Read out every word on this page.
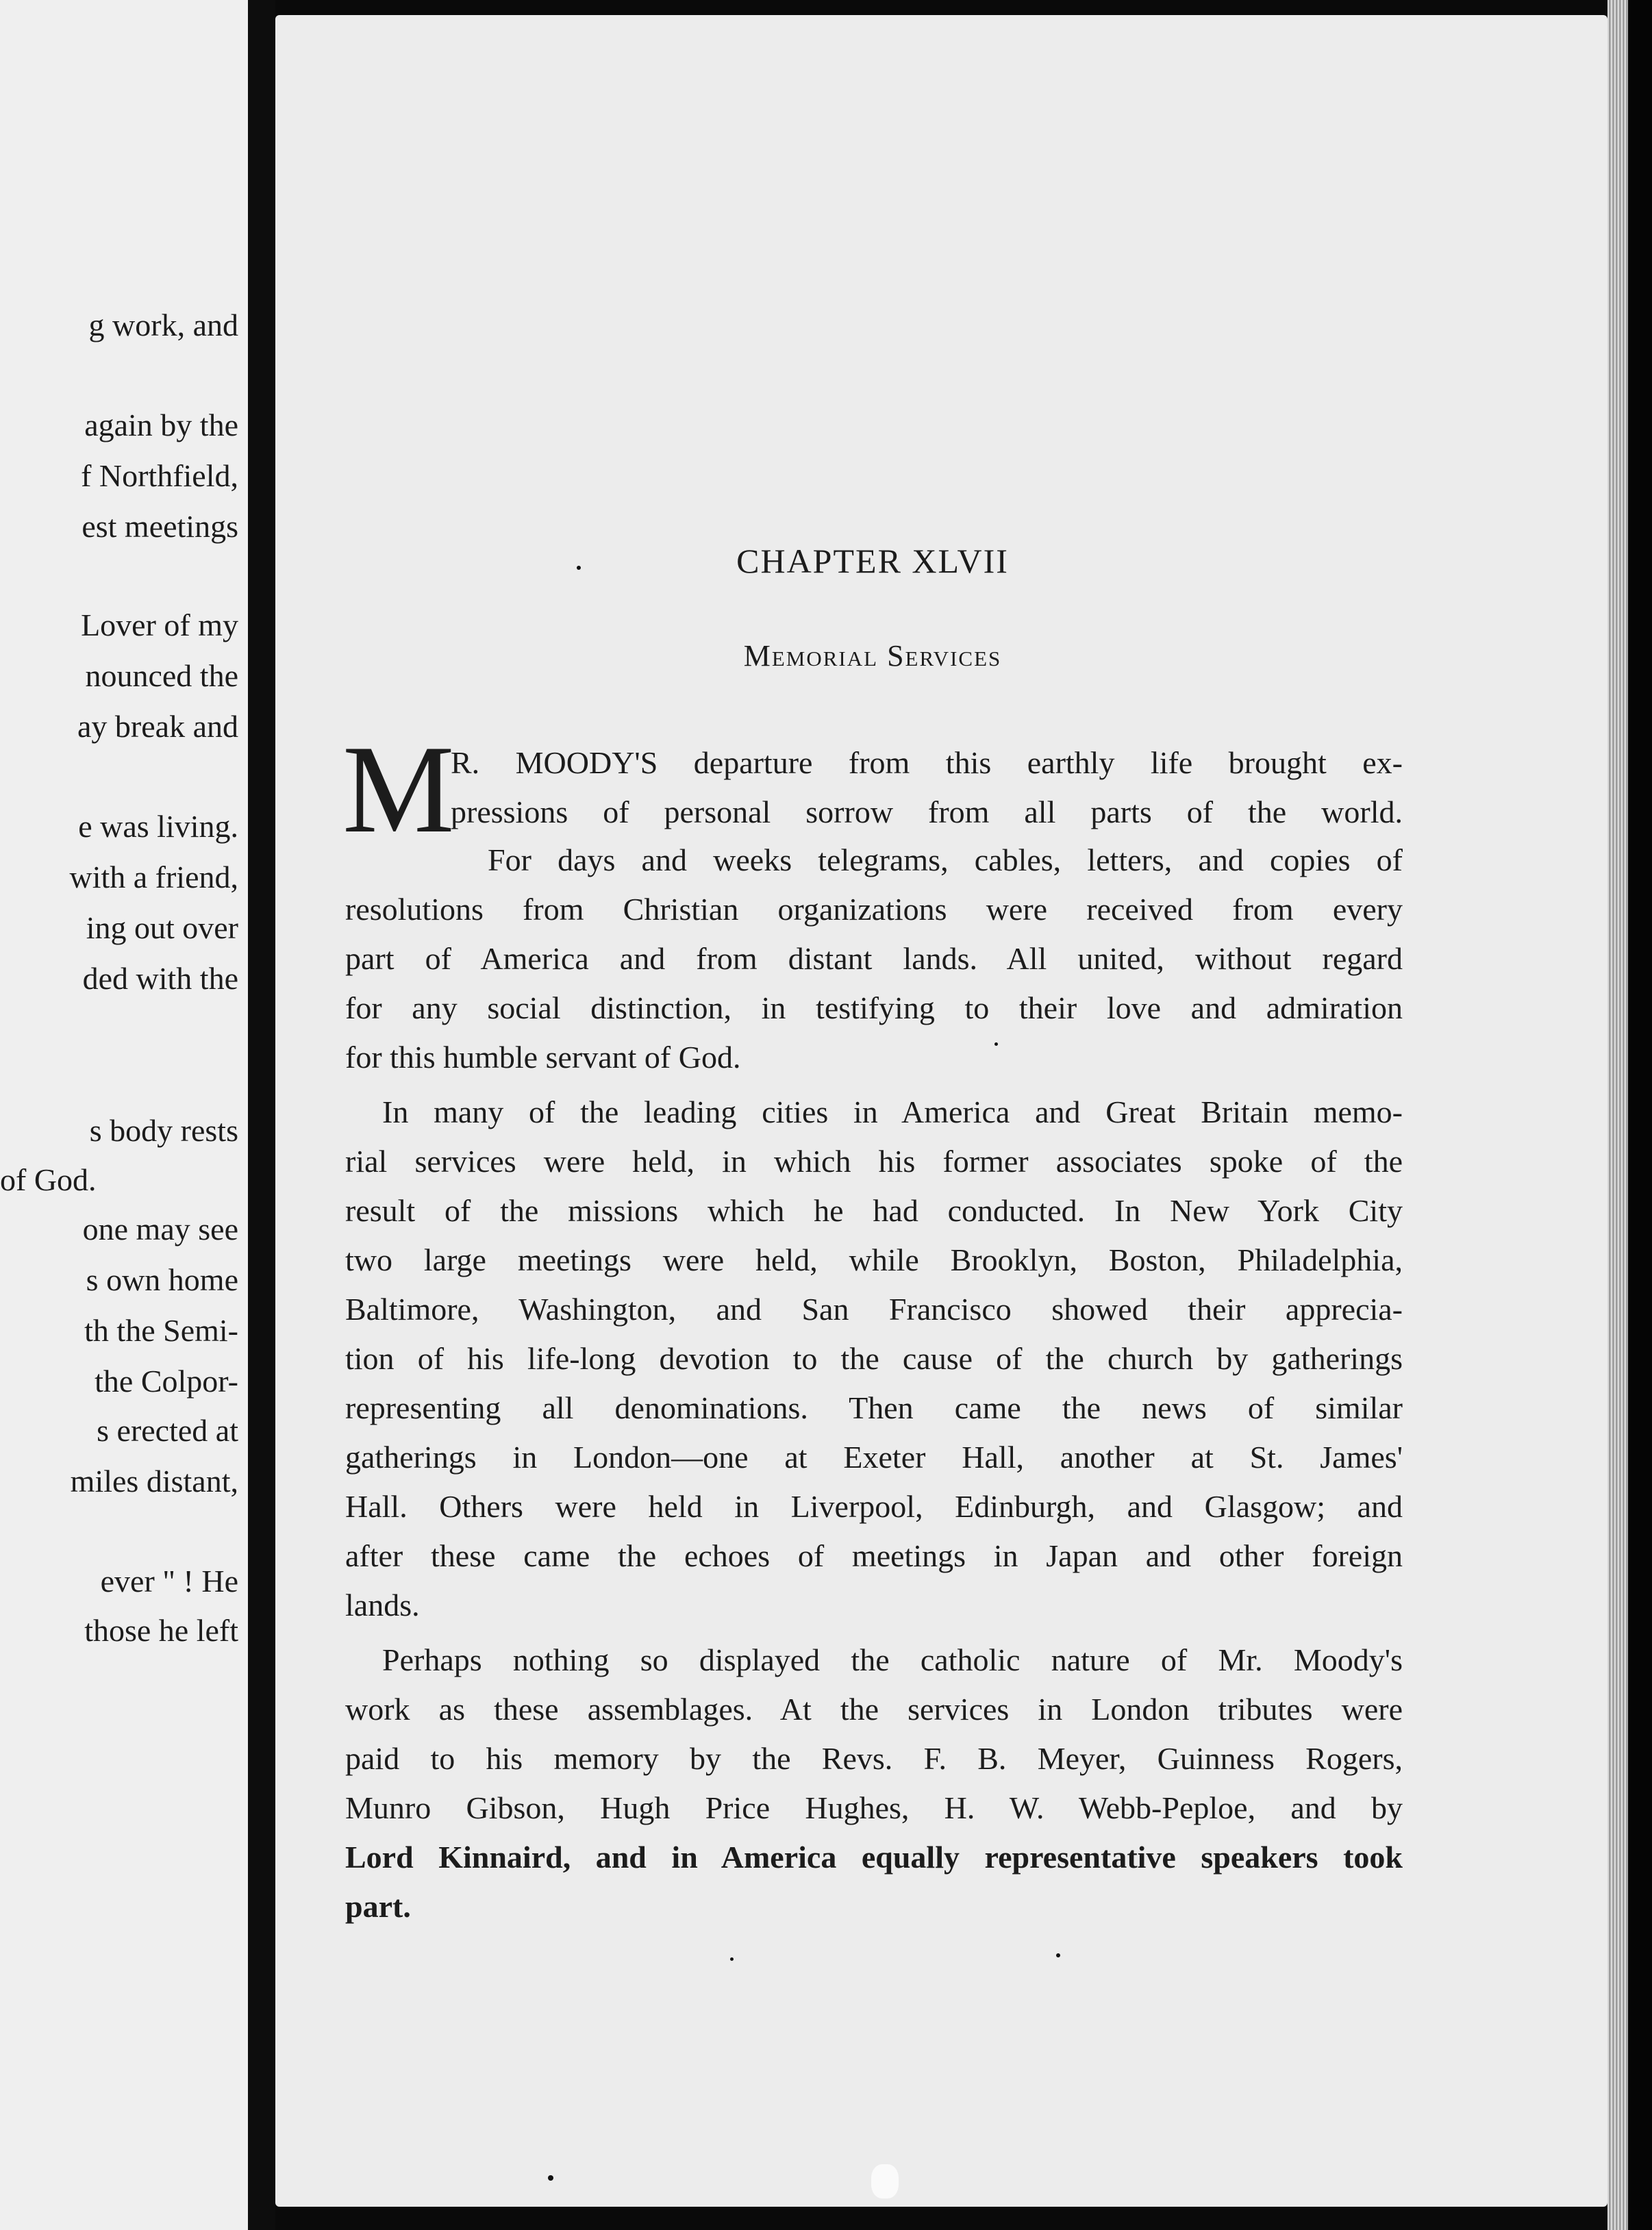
g work, and
again by the
f Northfield,
est meetings
Lover of my
nounced the
ay break and
e was living.
with a friend,
ing out over
ded with the
s body rests
of God.
one may see
s own home
th the Semi-
the Colpor-
s erected at
miles distant,
ever " ! He
those he left
CHAPTER XLVII
Memorial Services
M
R. MOODY'S departure from this earthly life brought ex-
pressions of personal sorrow from all parts of the world.
For days and weeks telegrams, cables, letters, and copies of
resolutions from Christian organizations were received from every
part of America and from distant lands. All united, without regard
for any social distinction, in testifying to their love and admiration
for this humble servant of God.
In many of the leading cities in America and Great Britain memo-
rial services were held, in which his former associates spoke of the
result of the missions which he had conducted. In New York City
two large meetings were held, while Brooklyn, Boston, Philadelphia,
Baltimore, Washington, and San Francisco showed their apprecia-
tion of his life-long devotion to the cause of the church by gatherings
representing all denominations. Then came the news of similar
gatherings in London—one at Exeter Hall, another at St. James'
Hall. Others were held in Liverpool, Edinburgh, and Glasgow; and
after these came the echoes of meetings in Japan and other foreign
lands.
Perhaps nothing so displayed the catholic nature of Mr. Moody's
work as these assemblages. At the services in London tributes were
paid to his memory by the Revs. F. B. Meyer, Guinness Rogers,
Munro Gibson, Hugh Price Hughes, H. W. Webb-Peploe, and by
Lord Kinnaird, and in America equally representative speakers took
part.
